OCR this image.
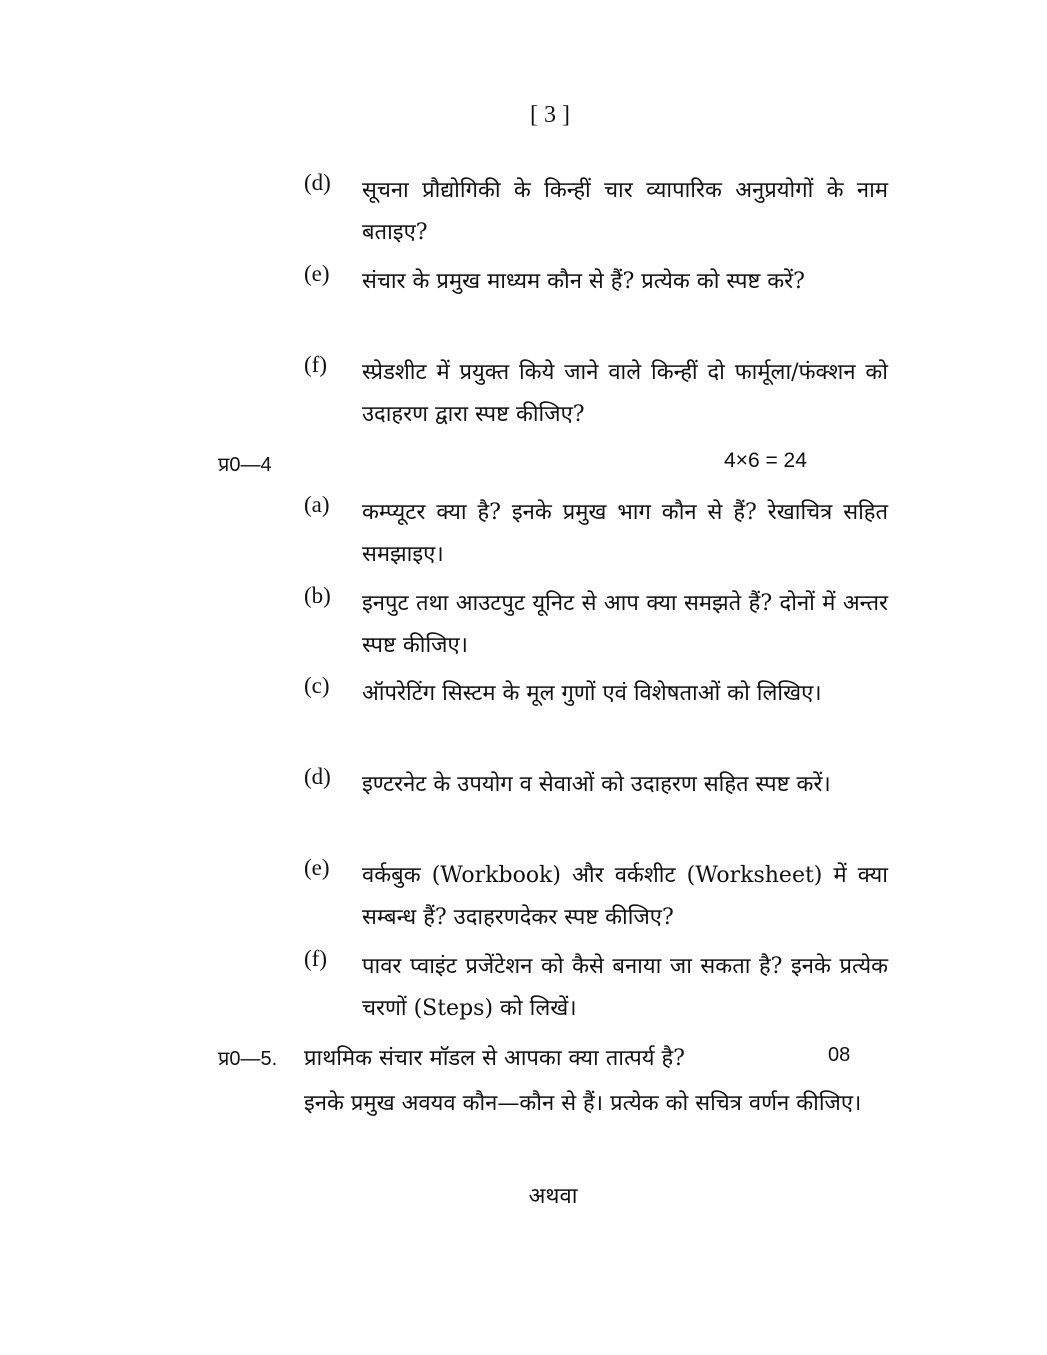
[ 3 ]
(d) सूचना प्रौद्योगिकी के किन्हीं चार व्यापारिक अनुप्रयोगों के नाम बताइए?
(e) संचार के प्रमुख माध्यम कौन से हैं? प्रत्येक को स्पष्ट करें?
(f) स्प्रेडशीट में प्रयुक्त किये जाने वाले किन्हीं दो फार्मूला/फंक्शन को उदाहरण द्वारा स्पष्ट कीजिए?
प्र0—4	4×6 = 24
(a) कम्प्यूटर क्या है? इनके प्रमुख भाग कौन से हैं? रेखाचित्र सहित समझाइए।
(b) इनपुट तथा आउटपुट यूनिट से आप क्या समझते हैं? दोनों में अन्तर स्पष्ट कीजिए।
(c) ऑपरेटिंग सिस्टम के मूल गुणों एवं विशेषताओं को लिखिए।
(d) इण्टरनेट के उपयोग व सेवाओं को उदाहरण सहित स्पष्ट करें।
(e) वर्कबुक (Workbook) और वर्कशीट (Worksheet) में क्या सम्बन्ध हैं? उदाहरणदेकर स्पष्ट कीजिए?
(f) पावर प्वाइंट प्रजेंटेशन को कैसे बनाया जा सकता है? इनके प्रत्येक चरणों (Steps) को लिखें।
प्र0—5. प्राथमिक संचार मॉडल से आपका क्या तात्पर्य है?	08
इनके प्रमुख अवयव कौन—कौन से हैं। प्रत्येक को सचित्र वर्णन कीजिए।
अथवा
